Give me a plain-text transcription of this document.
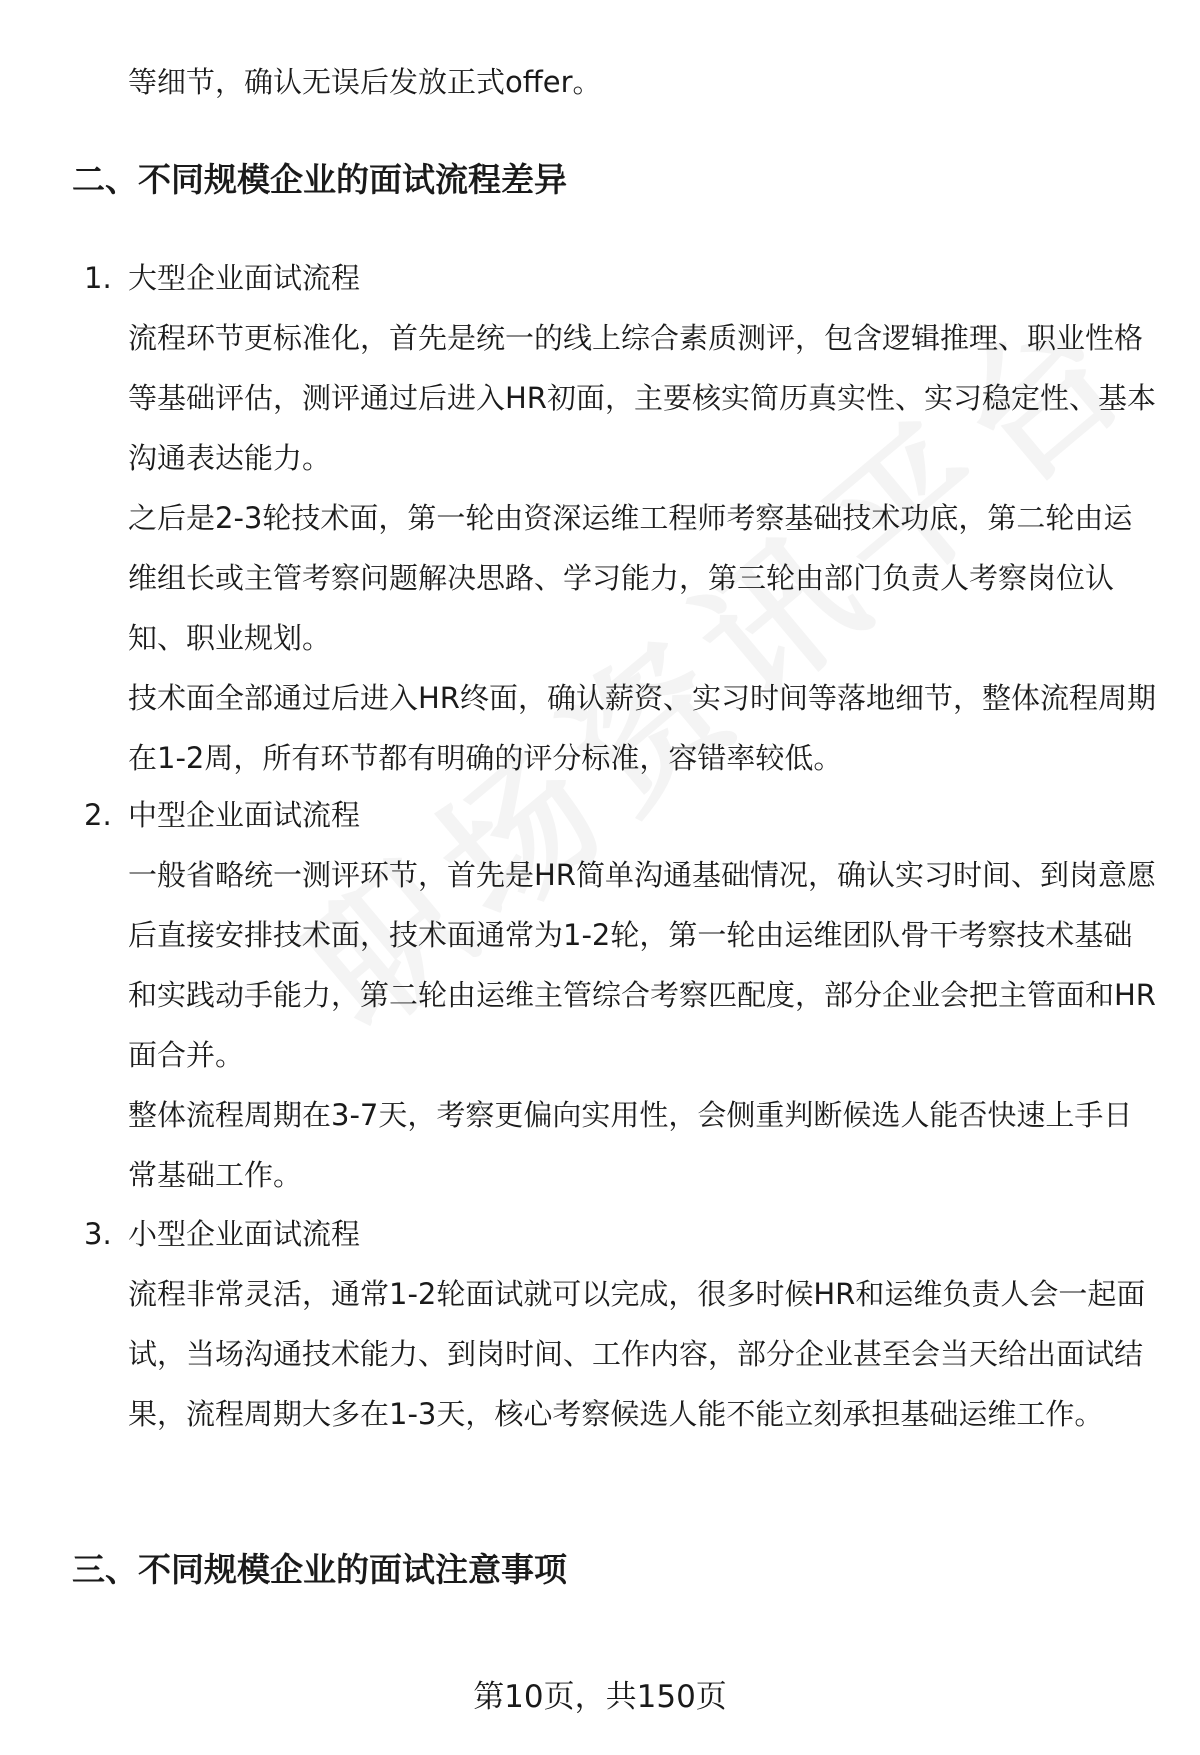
等细节，确认无误后发放正式offer。

二、不同规模企业的面试流程差异
1. 大型企业面试流程

流程环节更标准化，首先是统一的线上综合素质测评，包含逻辑推理、职业性格等基础评估，测评通过后进入HR初面，主要核实简历真实性、实习稳定性、基本沟通表达能力。

之后是2-3轮技术面，第一轮由资深运维工程师考察基础技术功底，第二轮由运维组长或主管考察问题解决思路、学习能力，第三轮由部门负责人考察岗位认知、职业规划。

技术面全部通过后进入HR终面，确认薪资、实习时间等落地细节，整体流程周期在1-2周，所有环节都有明确的评分标准，容错率较低。

2. 中型企业面试流程

一般省略统一测评环节，首先是HR简单沟通基础情况，确认实习时间、到岗意愿后直接安排技术面，技术面通常为1-2轮，第一轮由运维团队骨干考察技术基础和实践动手能力，第二轮由运维主管综合考察匹配度，部分企业会把主管面和HR面合并。

整体流程周期在3-7天，考察更偏向实用性，会侧重判断候选人能否快速上手日常基础工作。

3. 小型企业面试流程

流程非常灵活，通常1-2轮面试就可以完成，很多时候HR和运维负责人会一起面试，当场沟通技术能力、到岗时间、工作内容，部分企业甚至会当天给出面试结果，流程周期大多在1-3天，核心考察候选人能不能立刻承担基础运维工作。

三、不同规模企业的面试注意事项
第10页，共150页
